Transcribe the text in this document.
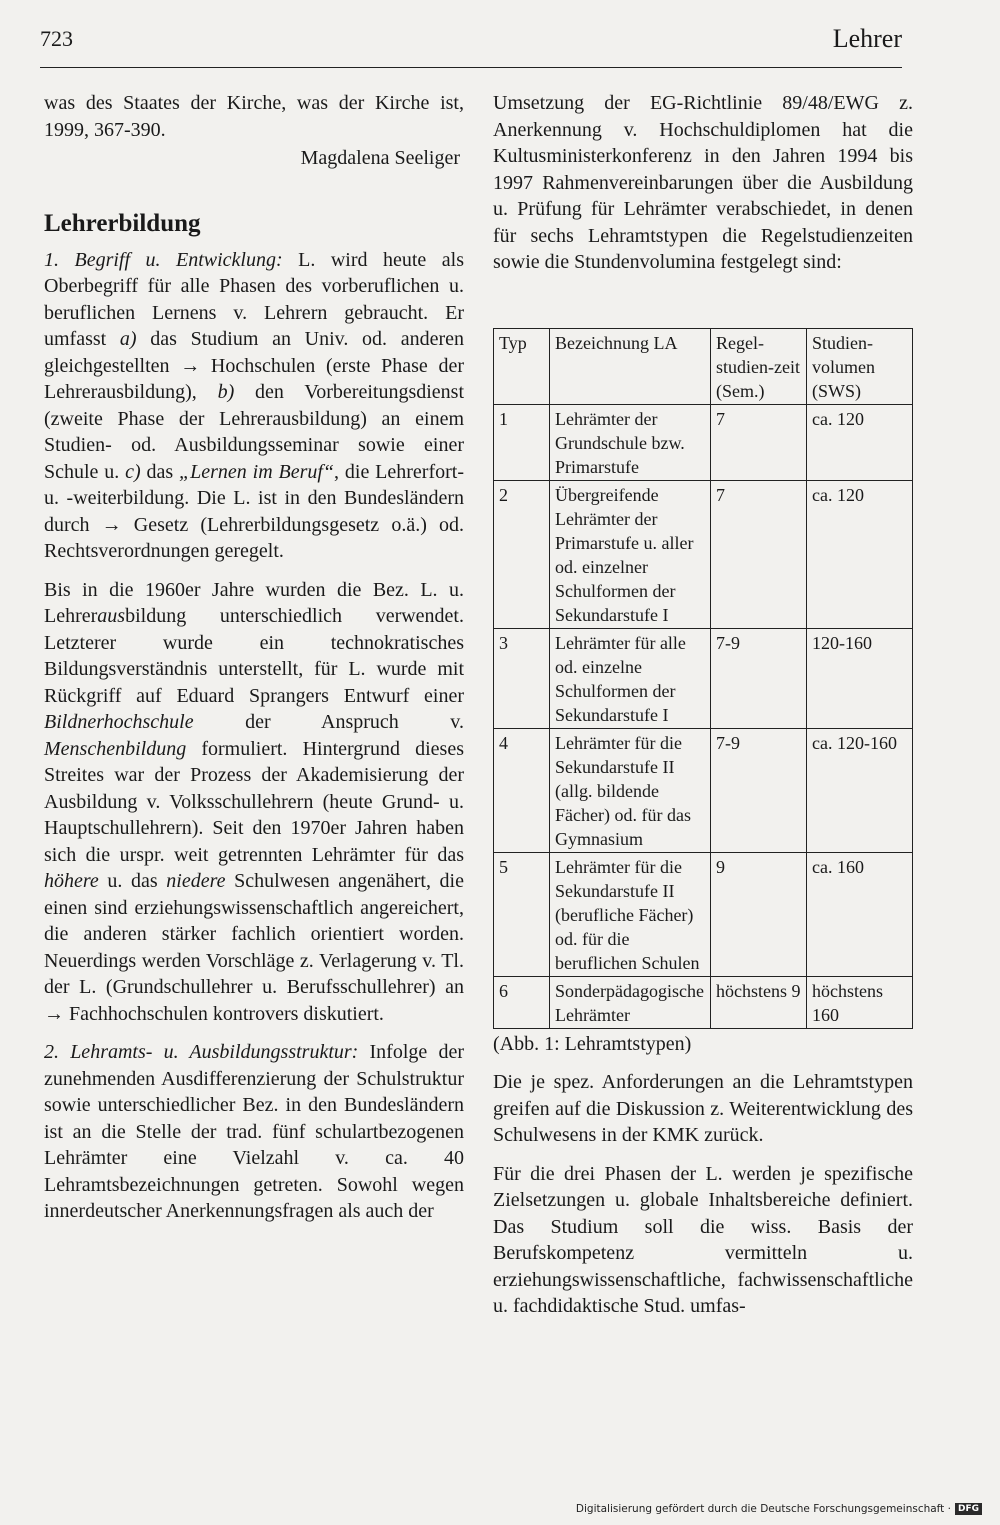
723	Lehrer

was des Staates der Kirche, was der Kirche ist, 1999, 367-390.

Magdalena Seeliger

Lehrerbildung

1. Begriff u. Entwicklung: L. wird heute als Oberbegriff für alle Phasen des vorberuflichen u. beruflichen Lernens v. Lehrern gebraucht. Er umfasst a) das Studium an Univ. od. anderen gleichgestellten → Hochschulen (erste Phase der Lehrerausbildung), b) den Vorbereitungsdienst (zweite Phase der Lehrerausbildung) an einem Studien- od. Ausbildungsseminar sowie einer Schule u. c) das „Lernen im Beruf“, die Lehrerfort- u. -weiterbildung. Die L. ist in den Bundesländern durch → Gesetz (Lehrerbildungsgesetz o.ä.) od. Rechtsverordnungen geregelt.

Bis in die 1960er Jahre wurden die Bez. L. u. Lehrerausbildung unterschiedlich verwendet. Letzterer wurde ein technokratisches Bildungsverständnis unterstellt, für L. wurde mit Rückgriff auf Eduard Sprangers Entwurf einer Bildnerhochschule der Anspruch v. Menschenbildung formuliert. Hintergrund dieses Streites war der Prozess der Akademisierung der Ausbildung v. Volksschullehrern (heute Grund- u. Hauptschullehrern). Seit den 1970er Jahren haben sich die urspr. weit getrennten Lehrämter für das höhere u. das niedere Schulwesen angenähert, die einen sind erziehungswissenschaftlich angereichert, die anderen stärker fachlich orientiert worden. Neuerdings werden Vorschläge z. Verlagerung v. Tl. der L. (Grundschullehrer u. Berufsschullehrer) an → Fachhochschulen kontrovers diskutiert.

2. Lehramts- u. Ausbildungsstruktur: Infolge der zunehmenden Ausdifferenzierung der Schulstruktur sowie unterschiedlicher Bez. in den Bundesländern ist an die Stelle der trad. fünf schulartbezogenen Lehrämter eine Vielzahl v. ca. 40 Lehramtsbezeichnungen getreten. Sowohl wegen innerdeutscher Anerkennungsfragen als auch der

Umsetzung der EG-Richtlinie 89/48/EWG z. Anerkennung v. Hochschuldiplomen hat die Kultusministerkonferenz in den Jahren 1994 bis 1997 Rahmenvereinbarungen über die Ausbildung u. Prüfung für Lehrämter verabschiedet, in denen für sechs Lehramtstypen die Regelstudienzeiten sowie die Stundenvolumina festgelegt sind:

Typ	Bezeichnung LA	Regel-studien-zeit (Sem.)	Studien-volumen (SWS)
1	Lehrämter der Grundschule bzw. Primarstufe	7	ca. 120
2	Übergreifende Lehrämter der Primarstufe u. aller od. einzelner Schulformen der Sekundarstufe I	7	ca. 120
3	Lehrämter für alle od. einzelne Schulformen der Sekundarstufe I	7-9	120-160
4	Lehrämter für die Sekundarstufe II (allg. bildende Fächer) od. für das Gymnasium	7-9	ca. 120-160
5	Lehrämter für die Sekundarstufe II (berufliche Fächer) od. für die beruflichen Schulen	9	ca. 160
6	Sonderpädagogische Lehrämter	höchstens 9	höchstens 160

(Abb. 1: Lehramtstypen)

Die je spez. Anforderungen an die Lehramtstypen greifen auf die Diskussion z. Weiterentwicklung des Schulwesens in der KMK zurück.

Für die drei Phasen der L. werden je spezifische Zielsetzungen u. globale Inhaltsbereiche definiert. Das Studium soll die wiss. Basis der Berufskompetenz vermitteln u. erziehungswissenschaftliche, fachwissenschaftliche u. fachdidaktische Stud. umfas-

Digitalisierung gefördert durch die Deutsche Forschungsgemeinschaft · DFG
